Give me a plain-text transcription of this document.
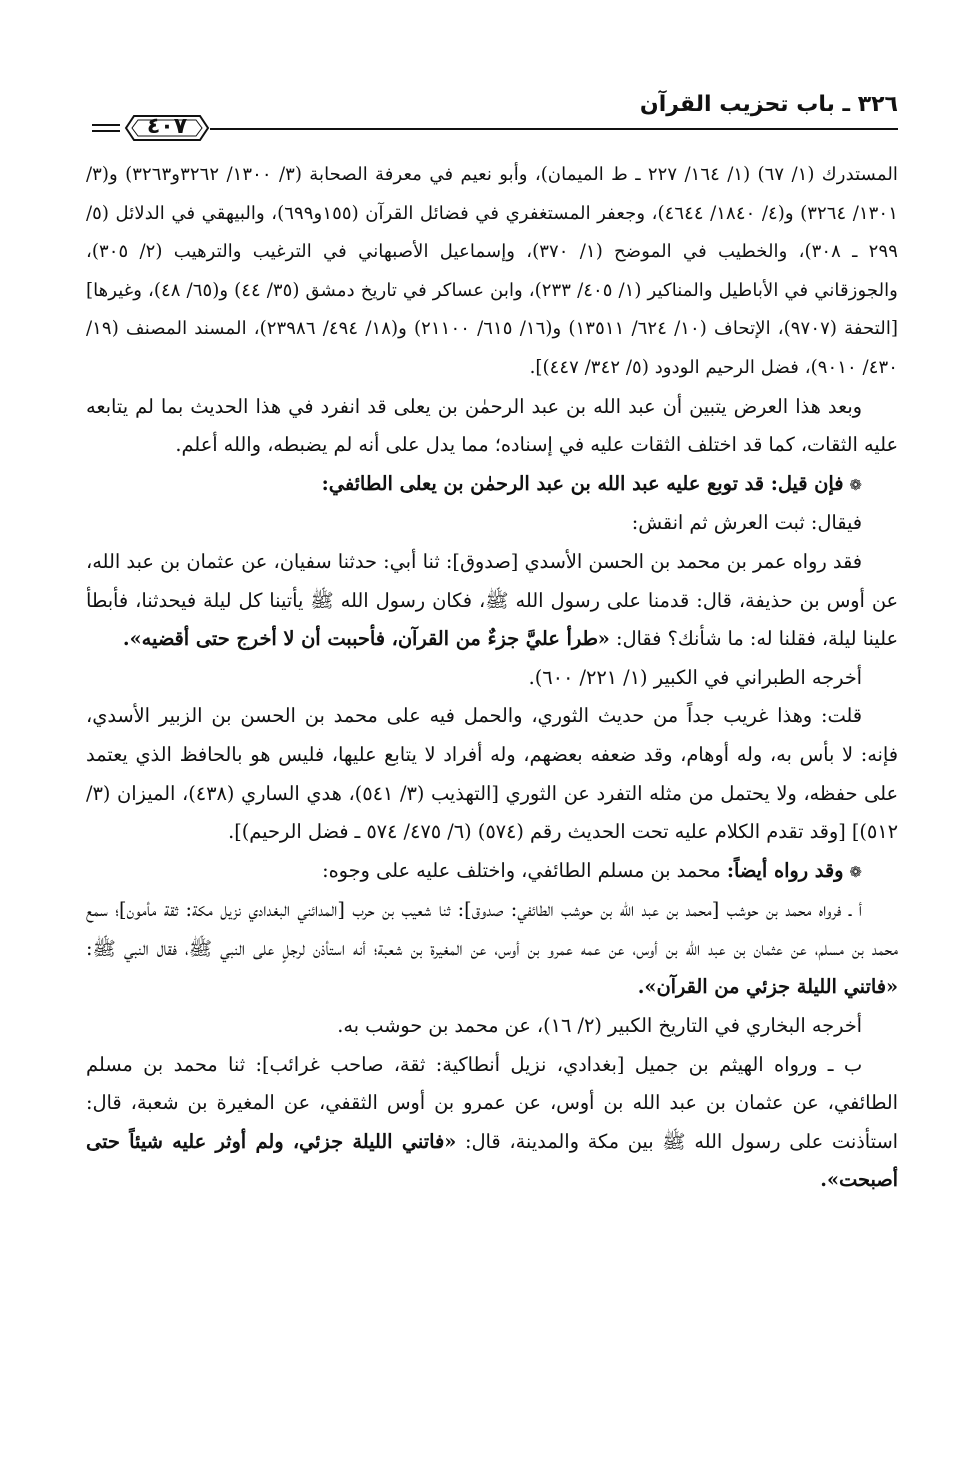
٣٢٦ ـ باب تحزيب القرآن
٤٠٧

المستدرك (١/ ٦٧) (١/ ١٦٤/ ٢٢٧ ـ ط الميمان)، وأبو نعيم في معرفة الصحابة (٣/ ١٣٠٠/ ٣٢٦٢و٣٢٦٣) و(٣/ ١٣٠١/ ٣٢٦٤) و(٤/ ١٨٤٠/ ٤٦٤٤)، وجعفر المستغفري في فضائل القرآن (١٥٥و٦٩٩)، والبيهقي في الدلائل (٥/ ٢٩٩ ـ ٣٠٨)، والخطيب في الموضح (١/ ٣٧٠)، وإسماعيل الأصبهاني في الترغيب والترهيب (٢/ ٣٠٥)، والجوزقاني في الأباطيل والمناكير (١/ ٤٠٥/ ٢٣٣)، وابن عساكر في تاريخ دمشق (٣٥/ ٤٤) و(٦٥/ ٤٨)، وغيرها] [التحفة (٩٧٠٧)، الإتحاف (١٠/ ٦٢٤/ ١٣٥١١) و(١٦/ ٦١٥/ ٢١١٠٠) و(١٨/ ٤٩٤/ ٢٣٩٨٦)، المسند المصنف (١٩/ ٤٣٠/ ٩٠١٠)، فضل الرحيم الودود (٥/ ٣٤٢/ ٤٤٧)].

وبعد هذا العرض يتبين أن عبد الله بن عبد الرحمٰن بن يعلى قد انفرد في هذا الحديث بما لم يتابعه عليه الثقات، كما قد اختلف الثقات عليه في إسناده؛ مما يدل على أنه لم يضبطه، والله أعلم.

❁فإن قيل: قد توبع عليه عبد الله بن عبد الرحمٰن بن يعلى الطائفي:

فيقال: ثبت العرش ثم انقش:

فقد رواه عمر بن محمد بن الحسن الأسدي [صدوق]: ثنا أبي: حدثنا سفيان، عن عثمان بن عبد الله، عن أوس بن حذيفة، قال: قدمنا على رسول الله ﷺ، فكان رسول الله ﷺ يأتينا كل ليلة فيحدثنا، فأبطأ علينا ليلة، فقلنا له: ما شأنك؟ فقال: «طرأ عليَّ جزءٌ من القرآن، فأحببت أن لا أخرج حتى أقضيه».

أخرجه الطبراني في الكبير (١/ ٢٢١/ ٦٠٠).

قلت: وهذا غريب جداً من حديث الثوري، والحمل فيه على محمد بن الحسن بن الزبير الأسدي، فإنه: لا بأس به، وله أوهام، وقد ضعفه بعضهم، وله أفراد لا يتابع عليها، فليس هو بالحافظ الذي يعتمد على حفظه، ولا يحتمل من مثله التفرد عن الثوري [التهذيب (٣/ ٥٤١)، هدي الساري (٤٣٨)، الميزان (٣/ ٥١٢)] [وقد تقدم الكلام عليه تحت الحديث رقم (٥٧٤) (٦/ ٤٧٥/ ٥٧٤ ـ فضل الرحيم)].

❁وقد رواه أيضاً: محمد بن مسلم الطائفي، واختلف عليه على وجوه:

أ ـ فرواه محمد بن حوشب [محمد بن عبد الله بن حوشب الطائفي: صدوق]: ثنا شعيب بن حرب [المدائني البغدادي نزيل مكة: ثقة مأمون]؛ سمع محمد بن مسلم، عن عثمان بن عبد الله بن أوس، عن عمه عمرو بن أوس، عن المغيرة بن شعبة؛ أنه استأذن لرجلٍ على النبي ﷺ، فقال النبي ﷺ: «فاتني الليلة جزئي من القرآن».

أخرجه البخاري في التاريخ الكبير (٢/ ١٦)، عن محمد بن حوشب به.

ب ـ ورواه الهيثم بن جميل [بغدادي، نزيل أنطاكية: ثقة، صاحب غرائب]: ثنا محمد بن مسلم الطائفي، عن عثمان بن عبد الله بن أوس، عن عمرو بن أوس الثقفي، عن المغيرة بن شعبة، قال: استأذنت على رسول الله ﷺ بين مكة والمدينة، قال: «فاتني الليلة جزئي، ولم أوثر عليه شيئاً حتى أصبحت».
